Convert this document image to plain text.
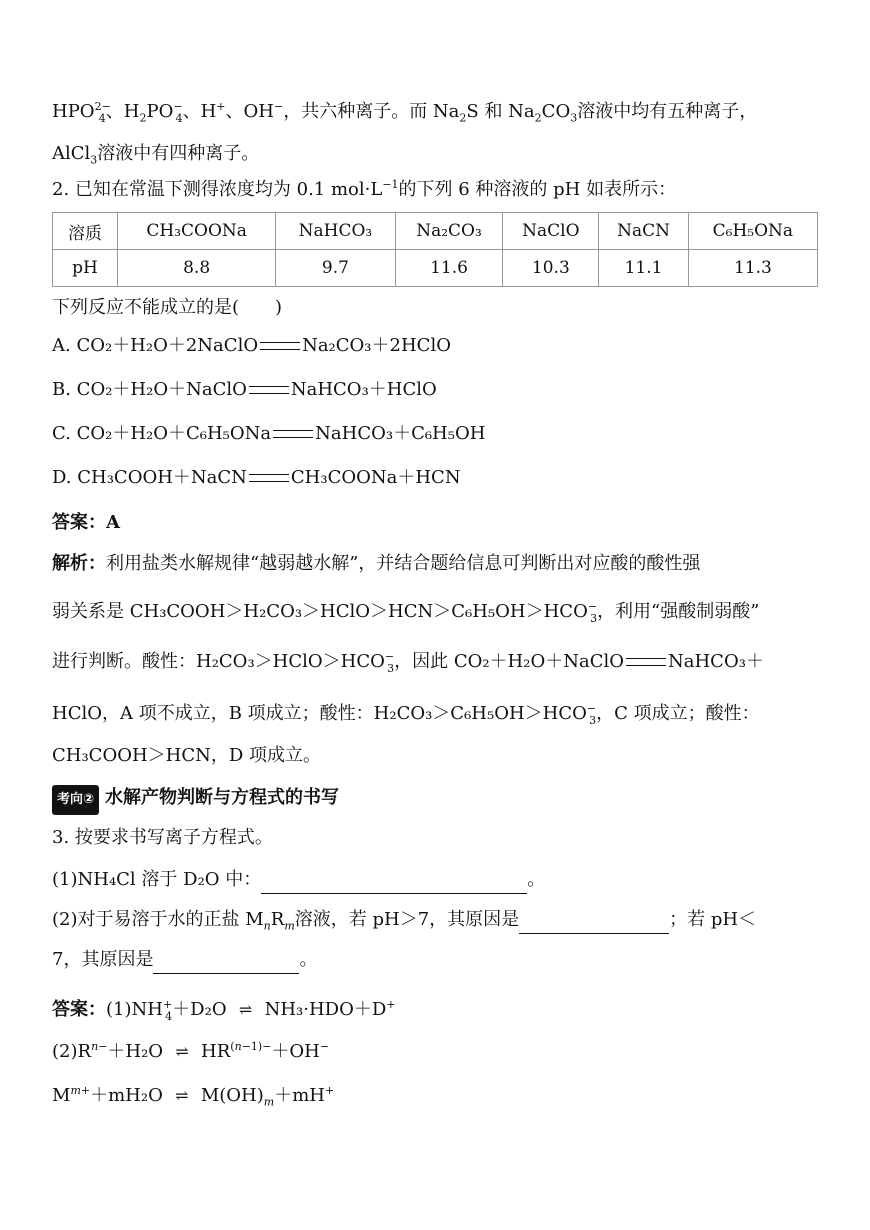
$HPO^{2-}_4$、$H_2PO^-_4$、H+、OH−，共六种离子。而 $Na_2S$ 和 $Na_2CO_3$溶液中均有五种离子，
AlCl$_3$溶液中有四种离子。
2. 已知在常温下测得浓度均为 0.1 $mol\cdot L^{-1}$的下列 6 种溶液的 pH 如表所示：
溶质	CH₃COONa	NaHCO₃	Na₂CO₃	NaClO	NaCN	C₆H₅ONa
pH	8.8	9.7	11.6	10.3	11.1	11.3
下列反应不能成立的是(　　)
A. CO₂＋H₂O＋2NaClO Na₂CO₃＋2HClO
B. CO₂＋H₂O＋NaClO NaHCO₃＋HClO
C. CO₂＋H₂O＋C₆H₅ONa NaHCO₃＋C₆H₅OH
D. CH₃COOH＋NaCN CH₃COONa＋HCN
答案：A
解析：利用盐类水解规律“越弱越水解”，并结合题给信息可判断出对应酸的酸性强
弱关系是 $CH_3COOH>H_2CO_3>HClO>HCN>C_6H_5OH>HCO^-_3$，利用“强酸制弱酸”
进行判断。酸性：$H_2CO_3>HClO>HCO^-_3$，因此 CO₂＋H₂O＋NaClO NaHCO₃＋
HClO，A 项不成立，B 项成立；酸性：$H_2CO_3>C_6H_5OH>HCO^-_3$，C 项成立；酸性：
CH₃COOH＞HCN，D 项成立。
考向② 水解产物判断与方程式的书写
3. 按要求书写离子方程式。
(1)NH₄Cl 溶于 D₂O 中：	。
(2)对于易溶于水的正盐 $M_nR_m$溶液，若 pH＞7，其原因是	；若 pH＜
7，其原因是	。
答案：$(1)NH^+_4+D_2O$ ⇌ NH₃·HDO＋D+
$(2)R^{n-}+H_2O$ ⇌ $HR^{(n-1)-}+OH^-$
$M^{m+}+mH_2O$ ⇌ $M(OH)_m+mH^+$
